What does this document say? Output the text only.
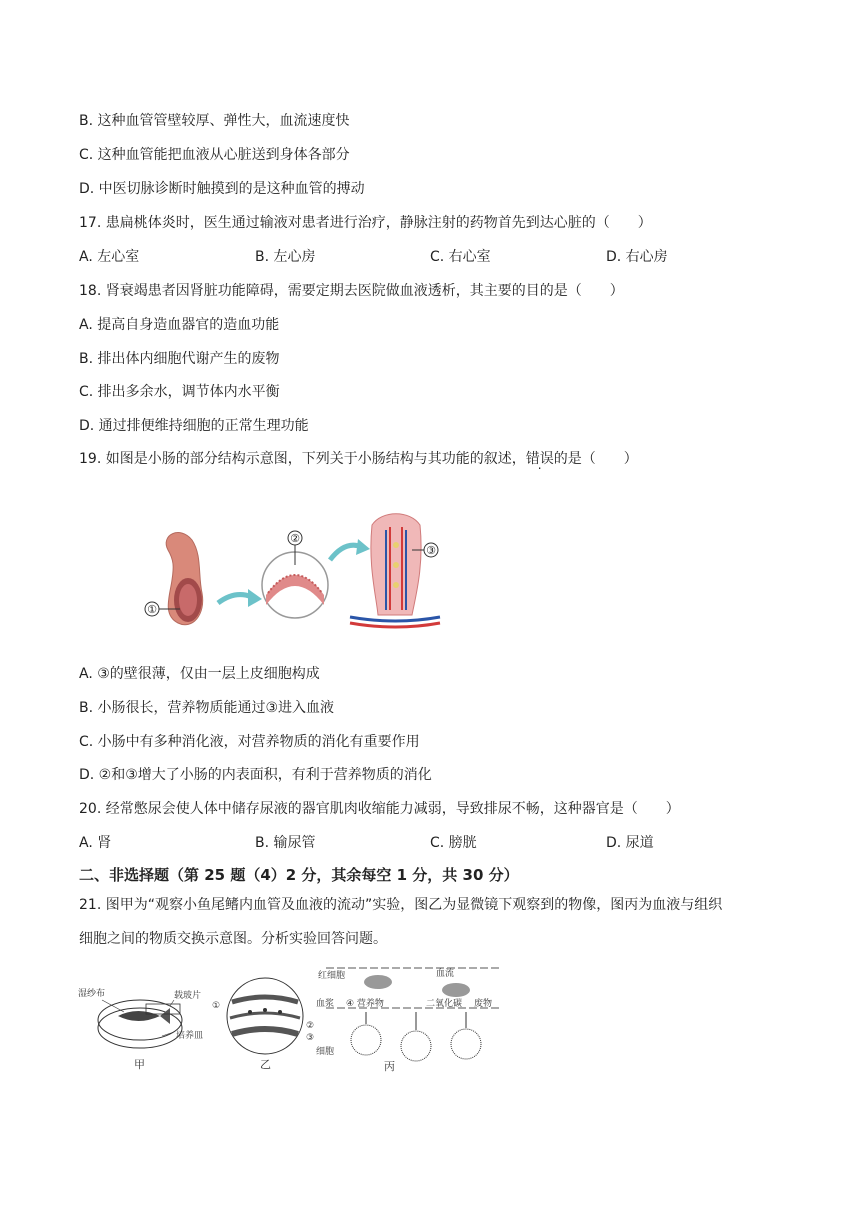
B. 这种血管管壁较厚、弹性大，血流速度快
C. 这种血管能把血液从心脏送到身体各部分
D. 中医切脉诊断时触摸到的是这种血管的搏动
17. 患扁桃体炎时，医生通过输液对患者进行治疗，静脉注射的药物首先到达心脏的（　　）
A. 左心室	B. 左心房	C. 右心室	D. 右心房
18. 肾衰竭患者因肾脏功能障碍，需要定期去医院做血液透析，其主要的目的是（　　）
A. 提高自身造血器官的造血功能
B. 排出体内细胞代谢产生的废物
C. 排出多余水，调节体内水平衡
D. 通过排便维持细胞的正常生理功能
19. 如图是小肠的部分结构示意图，下列关于小肠结构与其功能的叙述，错误的是（　　）
①
②
③
A. ③的壁很薄，仅由一层上皮细胞构成
B. 小肠很长，营养物质能通过③进入血液
C. 小肠中有多种消化液，对营养物质的消化有重要作用
D. ②和③增大了小肠的内表面积，有利于营养物质的消化
20. 经常憋尿会使人体中储存尿液的器官肌肉收缩能力减弱，导致排尿不畅，这种器官是（　　）
A. 肾	B. 输尿管	C. 膀胱	D. 尿道
二、非选择题（第 25 题（4）2 分，其余每空 1 分，共 30 分）
21. 图甲为“观察小鱼尾鳍内血管及血液的流动”实验，图乙为显微镜下观察到的物像，图丙为血液与组织
细胞之间的物质交换示意图。分析实验回答问题。
湿纱布	载玻片
培养皿
甲
①
②
③
乙
红细胞	血流
血浆 ④ 营养物	二氧化碳 废物
细胞
丙
